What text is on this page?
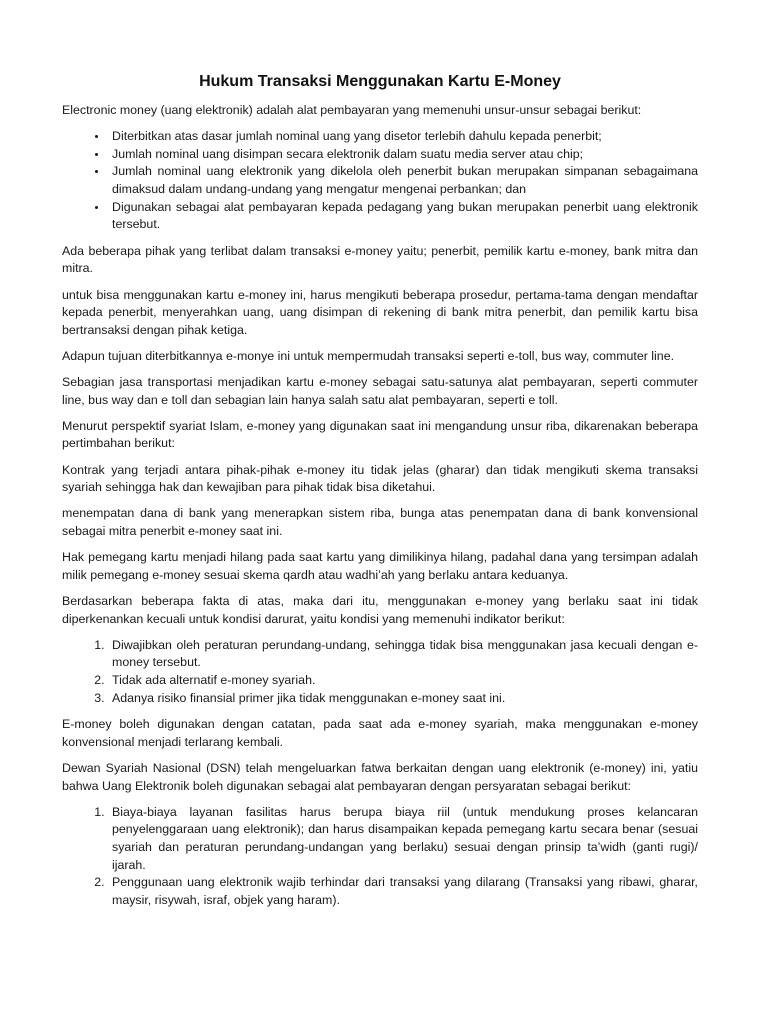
Hukum Transaksi Menggunakan Kartu E-Money

Electronic money (uang elektronik) adalah alat pembayaran yang memenuhi unsur-unsur sebagai berikut:

• Diterbitkan atas dasar jumlah nominal uang yang disetor terlebih dahulu kepada penerbit;
• Jumlah nominal uang disimpan secara elektronik dalam suatu media server atau chip;
• Jumlah nominal uang elektronik yang dikelola oleh penerbit bukan merupakan simpanan sebagaimana dimaksud dalam undang-undang yang mengatur mengenai perbankan; dan
• Digunakan sebagai alat pembayaran kepada pedagang yang bukan merupakan penerbit uang elektronik tersebut.

Ada beberapa pihak yang terlibat dalam transaksi e-money yaitu; penerbit, pemilik kartu e-money, bank mitra dan mitra.

untuk bisa menggunakan kartu e-money ini, harus mengikuti beberapa prosedur, pertama-tama dengan mendaftar kepada penerbit, menyerahkan uang, uang disimpan di rekening di bank mitra penerbit, dan pemilik kartu bisa bertransaksi dengan pihak ketiga.

Adapun tujuan diterbitkannya e-monye ini untuk mempermudah transaksi seperti e-toll, bus way, commuter line.

Sebagian jasa transportasi menjadikan kartu e-money sebagai satu-satunya alat pembayaran, seperti commuter line, bus way dan e toll dan sebagian lain hanya salah satu alat pembayaran, seperti e toll.

Menurut perspektif syariat Islam, e-money yang digunakan saat ini mengandung unsur riba, dikarenakan beberapa pertimbahan berikut:

Kontrak yang terjadi antara pihak-pihak e-money itu tidak jelas (gharar) dan tidak mengikuti skema transaksi syariah sehingga hak dan kewajiban para pihak tidak bisa diketahui.

menempatan dana di bank yang menerapkan sistem riba, bunga atas penempatan dana di bank konvensional sebagai mitra penerbit e-money saat ini.

Hak pemegang kartu menjadi hilang pada saat kartu yang dimilikinya hilang, padahal dana yang tersimpan adalah milik pemegang e-money sesuai skema qardh atau wadhi’ah yang berlaku antara keduanya.

Berdasarkan beberapa fakta di atas, maka dari itu, menggunakan e-money yang berlaku saat ini tidak diperkenankan kecuali untuk kondisi darurat, yaitu kondisi yang memenuhi indikator berikut:

1. Diwajibkan oleh peraturan perundang-undang, sehingga tidak bisa menggunakan jasa kecuali dengan e-money tersebut.
2. Tidak ada alternatif e-money syariah.
3. Adanya risiko finansial primer jika tidak menggunakan e-money saat ini.

E-money boleh digunakan dengan catatan, pada saat ada e-money syariah, maka menggunakan e-money konvensional menjadi terlarang kembali.

Dewan Syariah Nasional (DSN) telah mengeluarkan fatwa berkaitan dengan uang elektronik (e-money) ini, yatiu bahwa Uang Elektronik boleh digunakan sebagai alat pembayaran dengan persyaratan sebagai berikut:

1. Biaya-biaya layanan fasilitas harus berupa biaya riil (untuk mendukung proses kelancaran penyelenggaraan uang elektronik); dan harus disampaikan kepada pemegang kartu secara benar (sesuai syariah dan peraturan perundang-undangan yang berlaku) sesuai dengan prinsip ta’widh (ganti rugi)/ ijarah.
2. Penggunaan uang elektronik wajib terhindar dari transaksi yang dilarang (Transaksi yang ribawi, gharar, maysir, risywah, israf, objek yang haram).
